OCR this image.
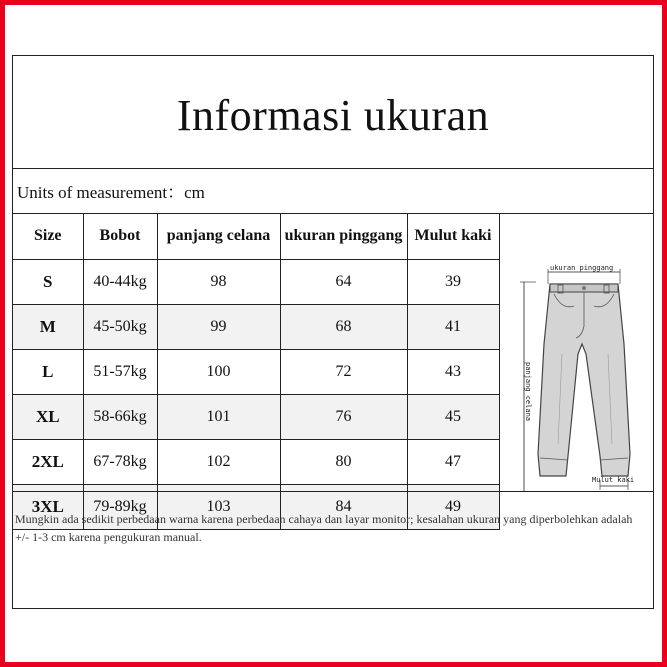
Informasi ukuran
Units of measurement：cm
Size	Bobot	panjang celana	ukuran pinggang	Mulut kaki
S	40-44kg	98	64	39
M	45-50kg	99	68	41
L	51-57kg	100	72	43
XL	58-66kg	101	76	45
2XL	67-78kg	102	80	47
3XL	79-89kg	103	84	49
ukuran pinggang
panjang celana
Mulut kaki
Mungkin ada sedikit perbedaan warna karena perbedaan cahaya dan layar monitor; kesalahan ukuran yang diperbolehkan adalah +/- 1-3 cm karena pengukuran manual.
